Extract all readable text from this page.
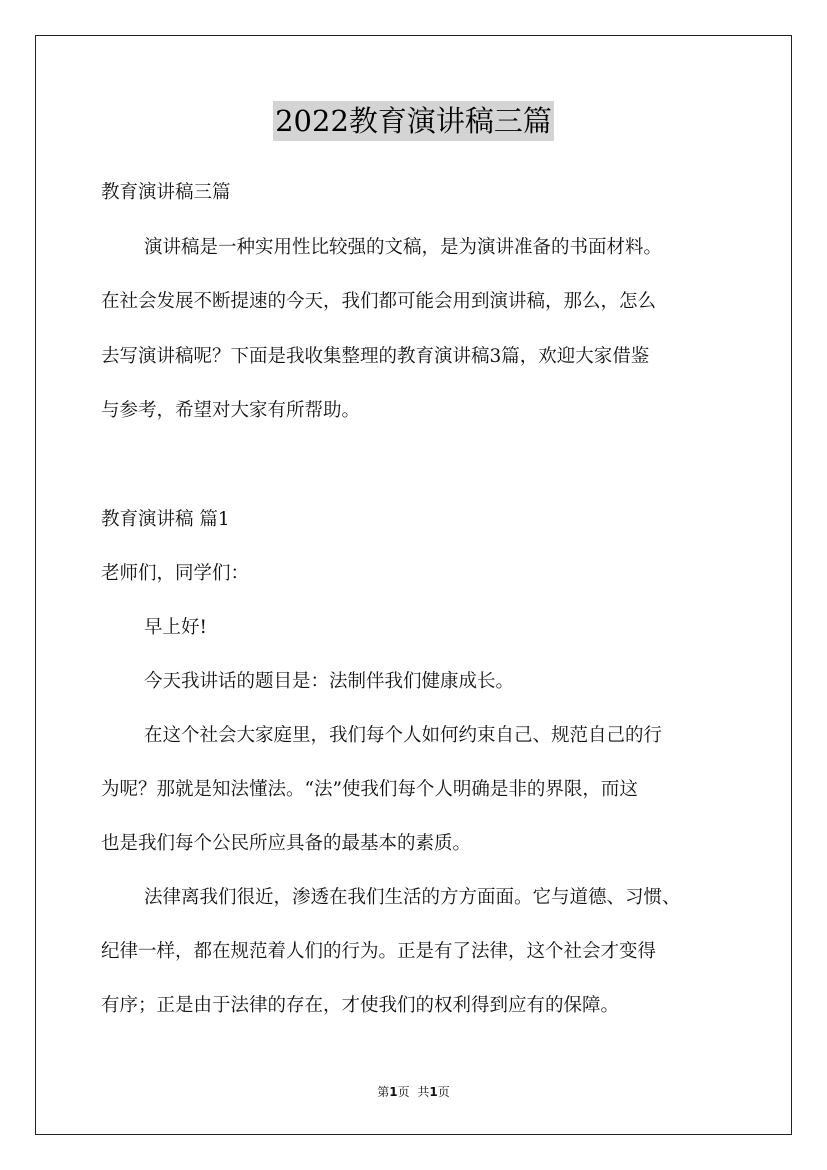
2022教育演讲稿三篇

教育演讲稿三篇

演讲稿是一种实用性比较强的文稿，是为演讲准备的书面材料。

在社会发展不断提速的今天，我们都可能会用到演讲稿，那么，怎么

去写演讲稿呢？下面是我收集整理的教育演讲稿3篇，欢迎大家借鉴

与参考，希望对大家有所帮助。

教育演讲稿 篇1

老师们，同学们：

早上好!

今天我讲话的题目是：法制伴我们健康成长。

在这个社会大家庭里，我们每个人如何约束自己、规范自己的行

为呢？那就是知法懂法。“法”使我们每个人明确是非的界限，而这

也是我们每个公民所应具备的最基本的素质。

法律离我们很近，渗透在我们生活的方方面面。它与道德、习惯、

纪律一样，都在规范着人们的行为。正是有了法律，这个社会才变得

有序；正是由于法律的存在，才使我们的权利得到应有的保障。

第1页 共1页
